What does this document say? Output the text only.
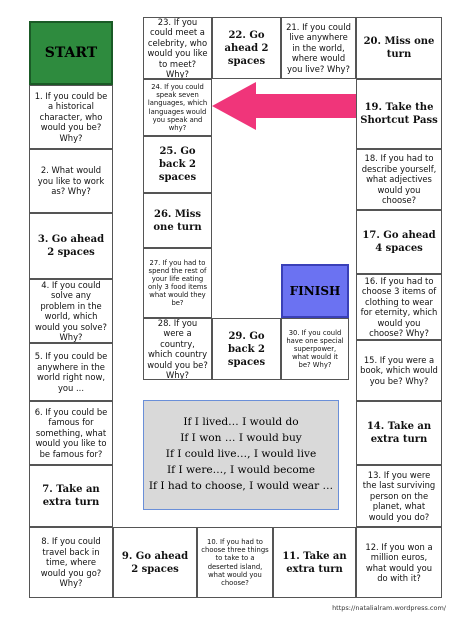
START
1. If you could be a historical character, who would you be? Why?
2. What would you like to work as? Why?
3. Go ahead 2 spaces
4. If you could solve any problem in the world, which would you solve? Why?
5. If you could be anywhere in the world right now, you ...
6. If you could be famous for something, what would you like to be famous for?
7. Take an extra turn
8. If you could travel back in time, where would you go? Why?
9. Go ahead 2 spaces
10. If you had to choose three things to take to a deserted island, what would you choose?
11. Take an extra turn
12. If you won a million euros, what would you do with it?
13. If you were the last surviving person on the planet, what would you do?
14. Take an extra turn
15. If you were a book, which would you be? Why?
16. If you had to choose 3 items of clothing to wear for eternity, which would you choose? Why?
17. Go ahead 4 spaces
18. If you had to describe yourself, what adjectives would you choose?
19. Take the Shortcut Pass
20. Miss one turn
21. If you could live anywhere in the world, where would you live? Why?
22. Go ahead 2 spaces
23. If you could meet a celebrity, who would you like to meet? Why?
24. If you could speak seven languages, which languages would you speak and why?
25. Go back 2 spaces
26. Miss one turn
27. If you had to spend the rest of your life eating only 3 food items what would they be?
28. If you were a country, which country would you be? Why?
29. Go back 2 spaces
30. If you could have one special superpower, what would it be? Why?
FINISH
If I lived… I would do
If I won … I would buy
If I could live…, I would live
If I were…, I would become
If I had to choose, I would wear …
https://natalialram.wordpress.com/
